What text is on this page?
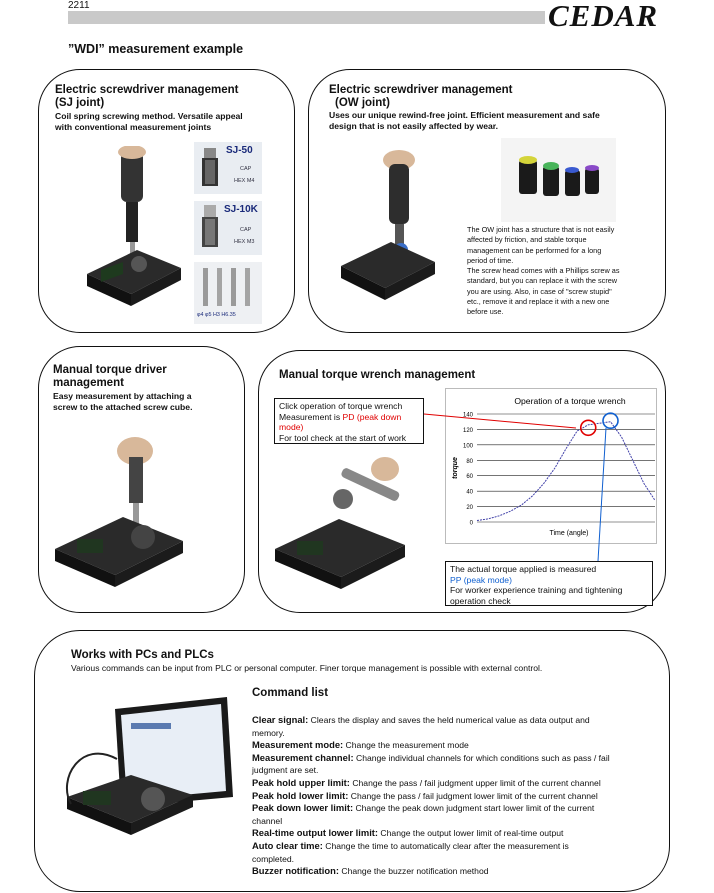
2211	CEDAR
”WDI” measurement example
Electric screwdriver management
(SJ joint)
Coil spring screwing method. Versatile appeal
with conventional measurement joints
SJ-50
CAP
HEX M4
SJ-10K
CAP
HEX M3
φ4 φ5 H3 H6.35
Electric screwdriver management
(OW joint)
Uses our unique rewind-free joint. Efficient measurement and safe
design that is not easily affected by wear.
The OW joint has a structure that is not easily
affected by friction, and stable torque
management can be performed for a long
period of time.
The screw head comes with a Phillips screw as
standard, but you can replace it with the screw
you are using. Also, in case of "screw stupid"
etc., remove it and replace it with a new one
before use.
Manual torque driver
management
Easy measurement by attaching a
screw to the attached screw cube.
Manual torque wrench management
Click operation of torque wrench
Measurement is PD (peak down
mode)
For tool check at the start of work
The actual torque applied is measured
PP (peak mode)
For worker experience training and tightening
operation check
0
20
40
60
80
100
120
140
Operation of a torque wrench
Time (angle)
torque
Works with PCs and PLCs
Various commands can be input from PLC or personal computer. Finer torque management is possible with external control.
Command list
Clear signal: Clears the display and saves the held numerical value as data output and
memory.
Measurement mode: Change the measurement mode
Measurement channel: Change individual channels for which conditions such as pass / fail
judgment are set.
Peak hold upper limit: Change the pass / fail judgment upper limit of the current channel
Peak hold lower limit: Change the pass / fail judgment lower limit of the current channel
Peak down lower limit: Change the peak down judgment start lower limit of the current
channel
Real-time output lower limit: Change the output lower limit of real-time output
Auto clear time: Change the time to automatically clear after the measurement is
completed.
Buzzer notification: Change the buzzer notification method
